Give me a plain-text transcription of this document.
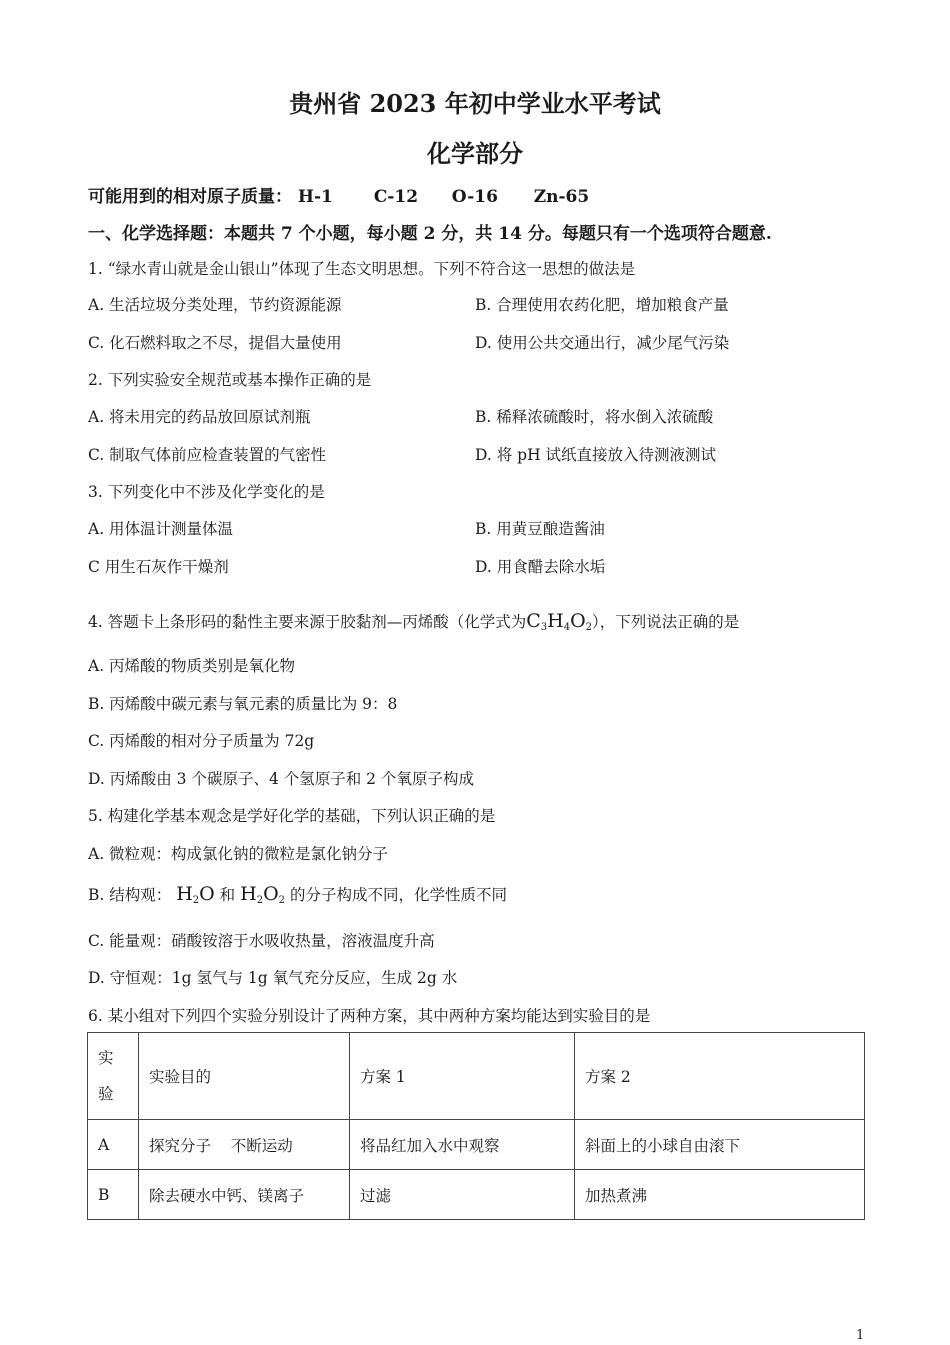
贵州省 2023 年初中学业水平考试
化学部分
可能用到的相对原子质量： H-1 C-12 O-16 Zn-65
一、化学选择题：本题共 7 个小题，每小题 2 分，共 14 分。每题只有一个选项符合题意.
1. “绿水青山就是金山银山”体现了生态文明思想。下列不符合这一思想的做法是
A. 生活垃圾分类处理，节约资源能源	B. 合理使用农药化肥，增加粮食产量
C. 化石燃料取之不尽，提倡大量使用	D. 使用公共交通出行，减少尾气污染
2. 下列实验安全规范或基本操作正确的是
A. 将未用完的药品放回原试剂瓶	B. 稀释浓硫酸时，将水倒入浓硫酸
C. 制取气体前应检查装置的气密性	D. 将 pH 试纸直接放入待测液测试
3. 下列变化中不涉及化学变化的是
A. 用体温计测量体温	B. 用黄豆酿造酱油
C 用生石灰作干燥剂	D. 用食醋去除水垢
4. 答题卡上条形码的黏性主要来源于胶黏剂—丙烯酸（化学式为$C_3H_4O_2$），下列说法正确的是
A. 丙烯酸的物质类别是氧化物
B. 丙烯酸中碳元素与氧元素的质量比为 9：8
C. 丙烯酸的相对分子质量为 72g
D. 丙烯酸由 3 个碳原子、4 个氢原子和 2 个氧原子构成
5. 构建化学基本观念是学好化学的基础，下列认识正确的是
A. 微粒观：构成氯化钠的微粒是氯化钠分子
B. 结构观： $H_2O$ 和 $H_2O_2$ 的分子构成不同，化学性质不同
C. 能量观：硝酸铵溶于水吸收热量，溶液温度升高
D. 守恒观：1g 氢气与 1g 氧气充分反应，生成 2g 水
6. 某小组对下列四个实验分别设计了两种方案，其中两种方案均能达到实验目的是
实
验	实验目的	方案 1	方案 2
A	探究分子    不断运动	将品红加入水中观察	斜面上的小球自由滚下
B	除去硬水中钙、镁离子	过滤	加热煮沸
1
